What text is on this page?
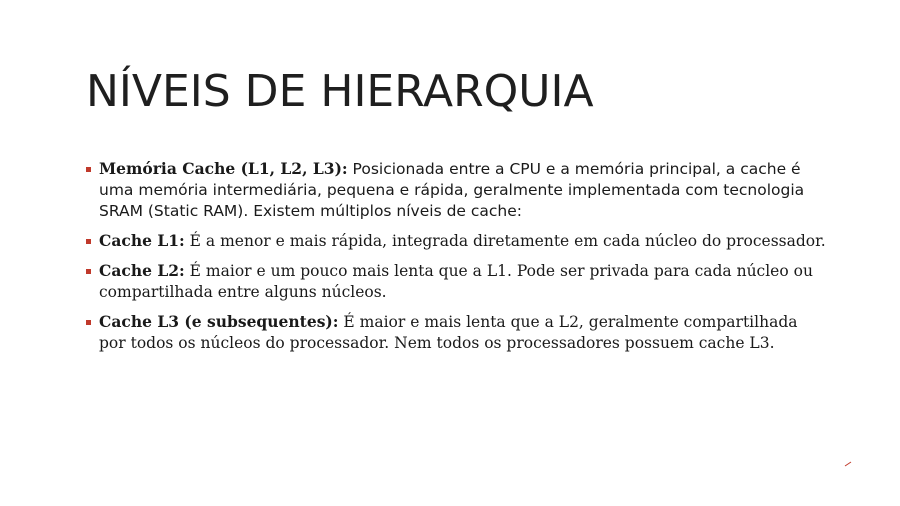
NÍVEIS DE HIERARQUIA
Memória Cache (L1, L2, L3): Posicionada entre a CPU e a memória principal, a cache é uma memória intermediária, pequena e rápida, geralmente implementada com tecnologia SRAM (Static RAM). Existem múltiplos níveis de cache:
Cache L1: É a menor e mais rápida, integrada diretamente em cada núcleo do processador.
Cache L2: É maior e um pouco mais lenta que a L1. Pode ser privada para cada núcleo ou compartilhada entre alguns núcleos.
Cache L3 (e subsequentes): É maior e mais lenta que a L2, geralmente compartilhada por todos os núcleos do processador. Nem todos os processadores possuem cache L3.
